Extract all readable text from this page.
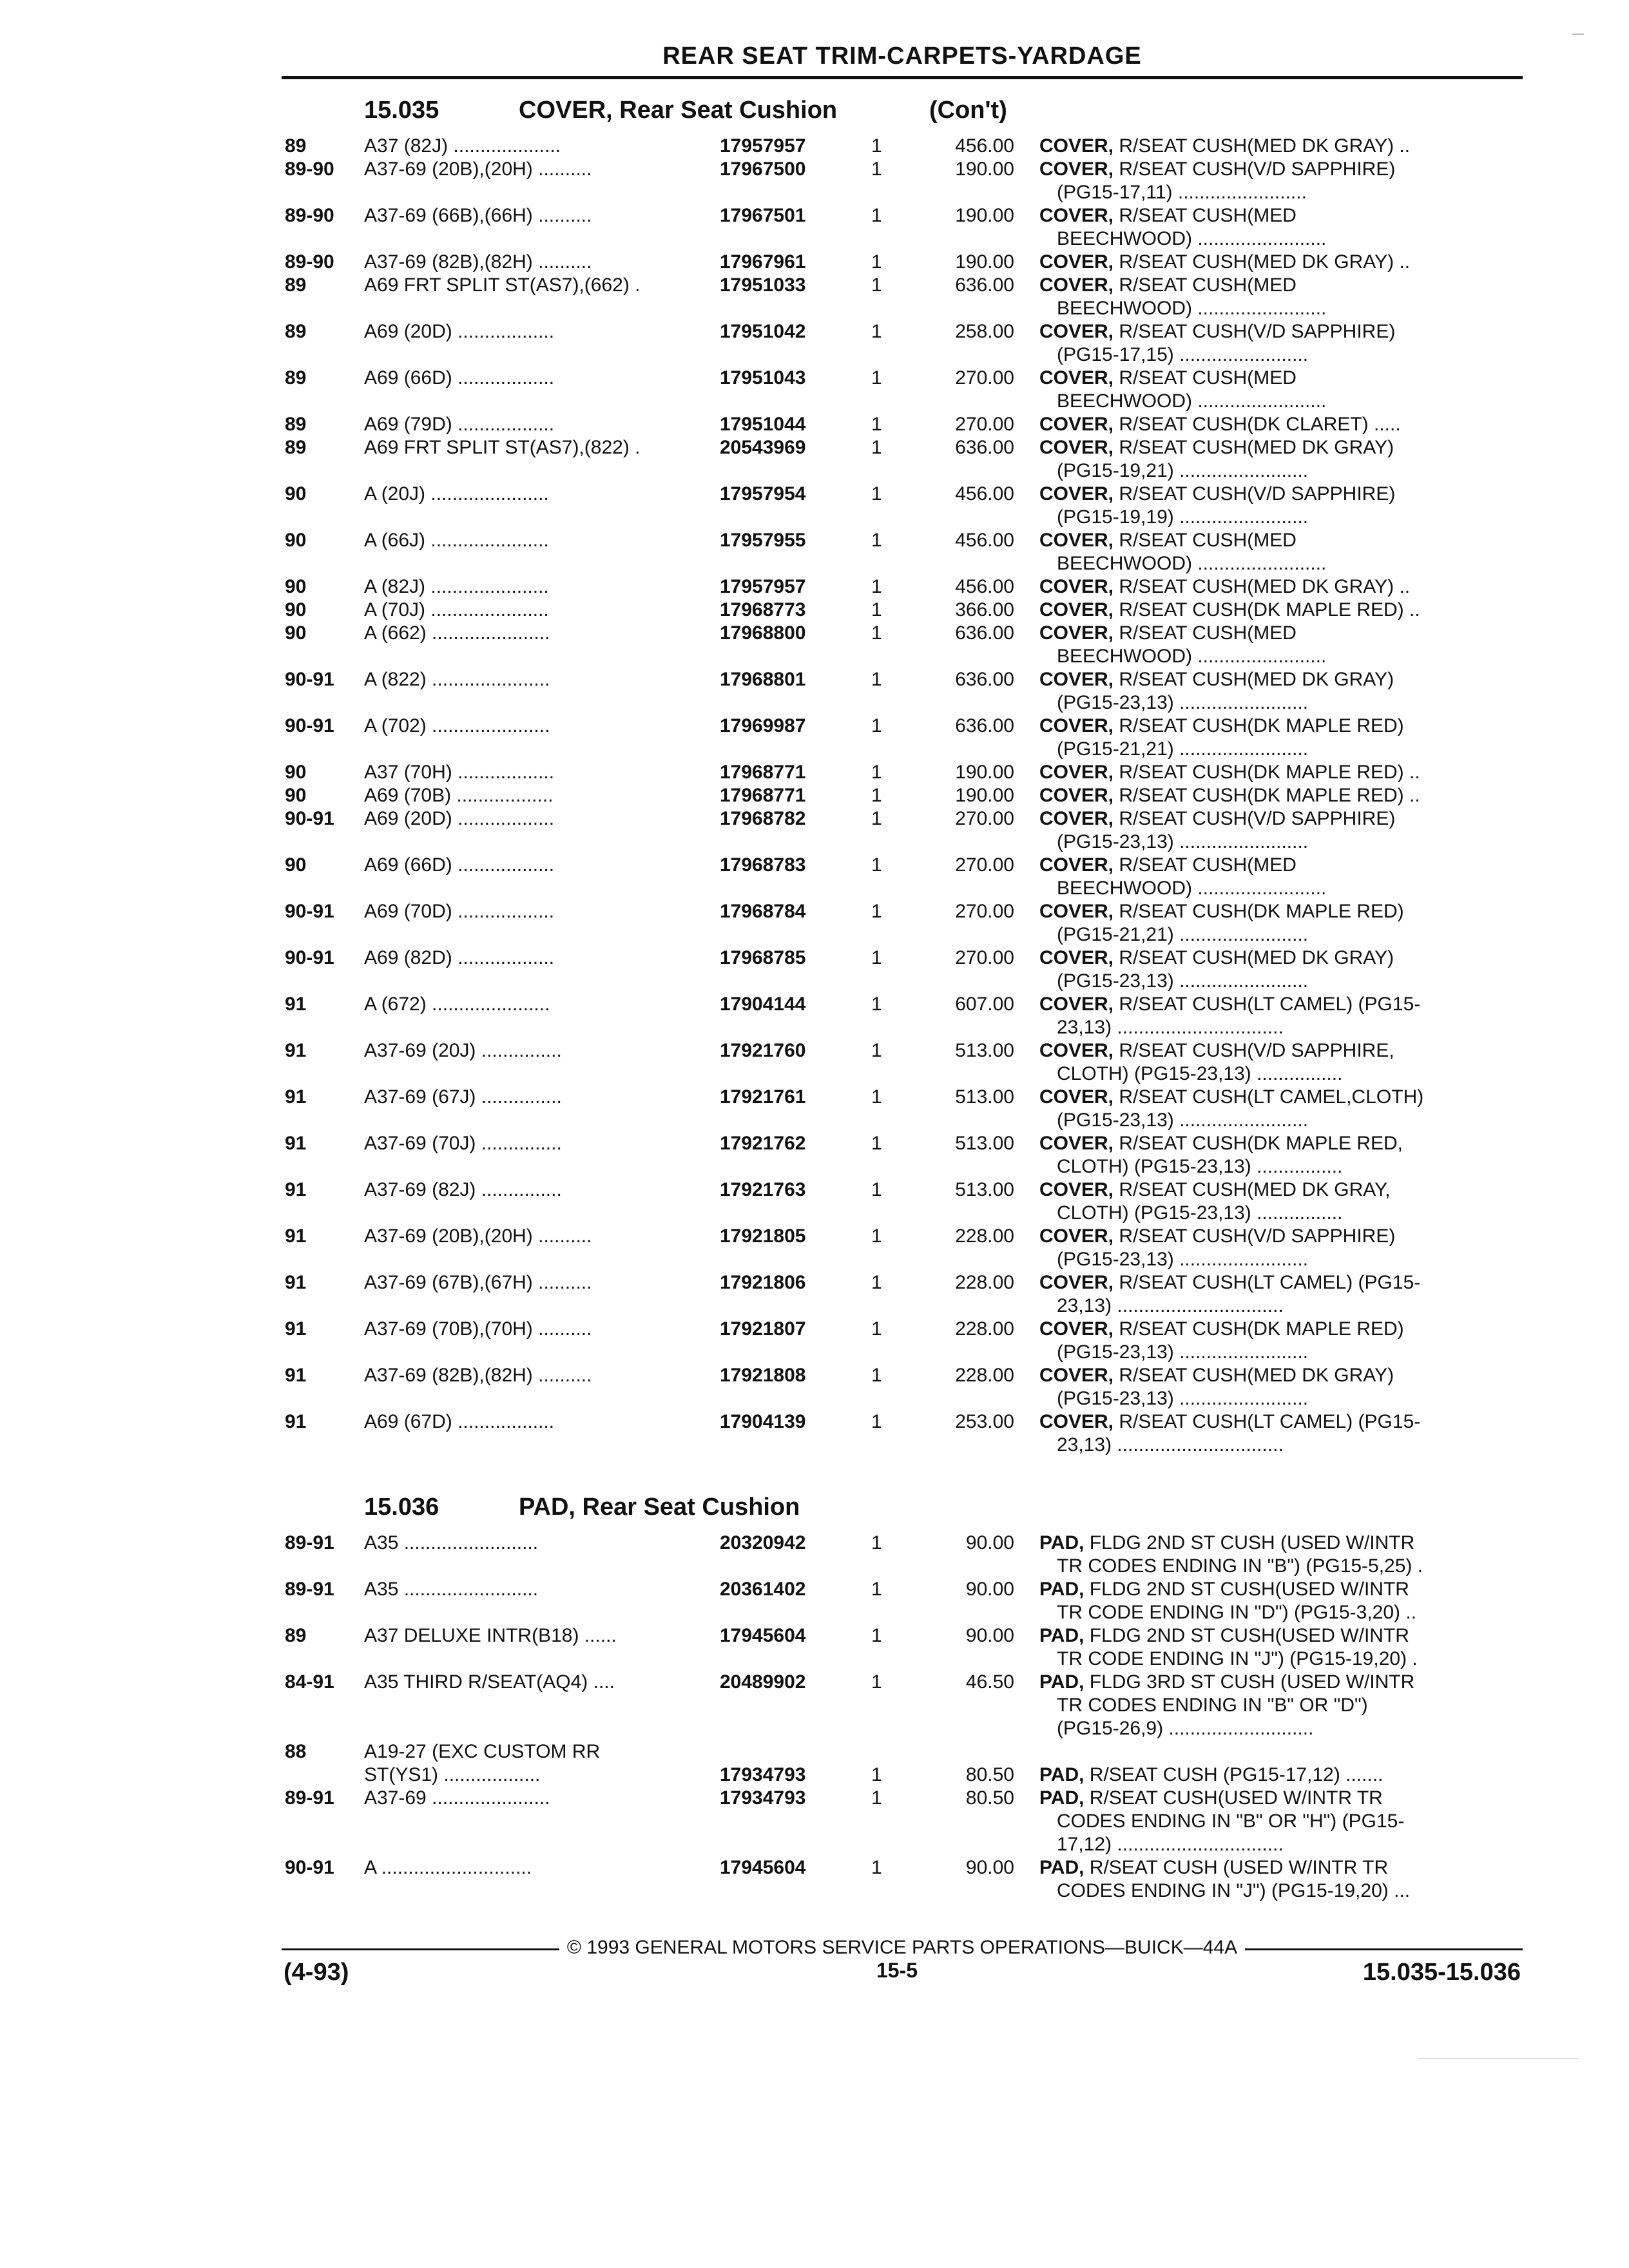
REAR SEAT TRIM-CARPETS-YARDAGE
15.035	COVER, Rear Seat Cushion	(Con't)
89	A37 (82J) ....................	17957957	1	456.00 COVER, R/SEAT CUSH(MED DK GRAY) ..
89-90 A37-69 (20B),(20H) ..........	17967500	1	190.00 COVER, R/SEAT CUSH(V/D SAPPHIRE)
(PG15-17,11) ........................
89-90 A37-69 (66B),(66H) ..........	17967501	1	190.00 COVER, R/SEAT CUSH(MED
BEECHWOOD) ........................
89-90 A37-69 (82B),(82H) ..........	17967961	1	190.00 COVER, R/SEAT CUSH(MED DK GRAY) ..
89	A69 FRT SPLIT ST(AS7),(662) .	17951033	1	636.00 COVER, R/SEAT CUSH(MED
BEECHWOOD) ........................
89	A69 (20D) ..................	17951042	1	258.00 COVER, R/SEAT CUSH(V/D SAPPHIRE)
(PG15-17,15) ........................
89	A69 (66D) ..................	17951043	1	270.00 COVER, R/SEAT CUSH(MED
BEECHWOOD) ........................
89	A69 (79D) ..................	17951044	1	270.00 COVER, R/SEAT CUSH(DK CLARET) .....
89	A69 FRT SPLIT ST(AS7),(822) .	20543969	1	636.00 COVER, R/SEAT CUSH(MED DK GRAY)
(PG15-19,21) ........................
90	A (20J) ......................	17957954	1	456.00 COVER, R/SEAT CUSH(V/D SAPPHIRE)
(PG15-19,19) ........................
90	A (66J) ......................	17957955	1	456.00 COVER, R/SEAT CUSH(MED
BEECHWOOD) ........................
90	A (82J) ......................	17957957	1	456.00 COVER, R/SEAT CUSH(MED DK GRAY) ..
90	A (70J) ......................	17968773	1	366.00 COVER, R/SEAT CUSH(DK MAPLE RED) ..
90	A (662) ......................	17968800	1	636.00 COVER, R/SEAT CUSH(MED
BEECHWOOD) ........................
90-91 A (822) ......................	17968801	1	636.00 COVER, R/SEAT CUSH(MED DK GRAY)
(PG15-23,13) ........................
90-91 A (702) ......................	17969987	1	636.00 COVER, R/SEAT CUSH(DK MAPLE RED)
(PG15-21,21) ........................
90	A37 (70H) ..................	17968771	1	190.00 COVER, R/SEAT CUSH(DK MAPLE RED) ..
90	A69 (70B) ..................	17968771	1	190.00 COVER, R/SEAT CUSH(DK MAPLE RED) ..
90-91 A69 (20D) ..................	17968782	1	270.00 COVER, R/SEAT CUSH(V/D SAPPHIRE)
(PG15-23,13) ........................
90	A69 (66D) ..................	17968783	1	270.00 COVER, R/SEAT CUSH(MED
BEECHWOOD) ........................
90-91 A69 (70D) ..................	17968784	1	270.00 COVER, R/SEAT CUSH(DK MAPLE RED)
(PG15-21,21) ........................
90-91 A69 (82D) ..................	17968785	1	270.00 COVER, R/SEAT CUSH(MED DK GRAY)
(PG15-23,13) ........................
91	A (672) ......................	17904144	1	607.00 COVER, R/SEAT CUSH(LT CAMEL) (PG15-
23,13) ...............................
91	A37-69 (20J) ...............	17921760	1	513.00 COVER, R/SEAT CUSH(V/D SAPPHIRE,
CLOTH) (PG15-23,13) ................
91	A37-69 (67J) ...............	17921761	1	513.00 COVER, R/SEAT CUSH(LT CAMEL,CLOTH)
(PG15-23,13) ........................
91	A37-69 (70J) ...............	17921762	1	513.00 COVER, R/SEAT CUSH(DK MAPLE RED,
CLOTH) (PG15-23,13) ................
91	A37-69 (82J) ...............	17921763	1	513.00 COVER, R/SEAT CUSH(MED DK GRAY,
CLOTH) (PG15-23,13) ................
91	A37-69 (20B),(20H) ..........	17921805	1	228.00 COVER, R/SEAT CUSH(V/D SAPPHIRE)
(PG15-23,13) ........................
91	A37-69 (67B),(67H) ..........	17921806	1	228.00 COVER, R/SEAT CUSH(LT CAMEL) (PG15-
23,13) ...............................
91	A37-69 (70B),(70H) ..........	17921807	1	228.00 COVER, R/SEAT CUSH(DK MAPLE RED)
(PG15-23,13) ........................
91	A37-69 (82B),(82H) ..........	17921808	1	228.00 COVER, R/SEAT CUSH(MED DK GRAY)
(PG15-23,13) ........................
91	A69 (67D) ..................	17904139	1	253.00 COVER, R/SEAT CUSH(LT CAMEL) (PG15-
23,13) ...............................
15.036	PAD, Rear Seat Cushion
89-91 A35 .........................	20320942	1	90.00 PAD, FLDG 2ND ST CUSH (USED W/INTR
TR CODES ENDING IN "B") (PG15-5,25) .
89-91 A35 .........................	20361402	1	90.00 PAD, FLDG 2ND ST CUSH(USED W/INTR
TR CODE ENDING IN "D") (PG15-3,20) ..
89	A37 DELUXE INTR(B18) ......	17945604	1	90.00 PAD, FLDG 2ND ST CUSH(USED W/INTR
TR CODE ENDING IN "J") (PG15-19,20) .
84-91 A35 THIRD R/SEAT(AQ4) ....	20489902	1	46.50 PAD, FLDG 3RD ST CUSH (USED W/INTR
TR CODES ENDING IN "B" OR "D")
(PG15-26,9) ...........................
88	A19-27 (EXC CUSTOM RR
ST(YS1) ..................	17934793	1	80.50 PAD, R/SEAT CUSH (PG15-17,12) .......
89-91 A37-69 ......................	17934793	1	80.50 PAD, R/SEAT CUSH(USED W/INTR TR
CODES ENDING IN "B" OR "H") (PG15-
17,12) ...............................
90-91 A ............................	17945604	1	90.00 PAD, R/SEAT CUSH (USED W/INTR TR
CODES ENDING IN "J") (PG15-19,20) ...
© 1993 GENERAL MOTORS SERVICE PARTS OPERATIONS—BUICK—44A
(4-93)	15-5	15.035-15.036
